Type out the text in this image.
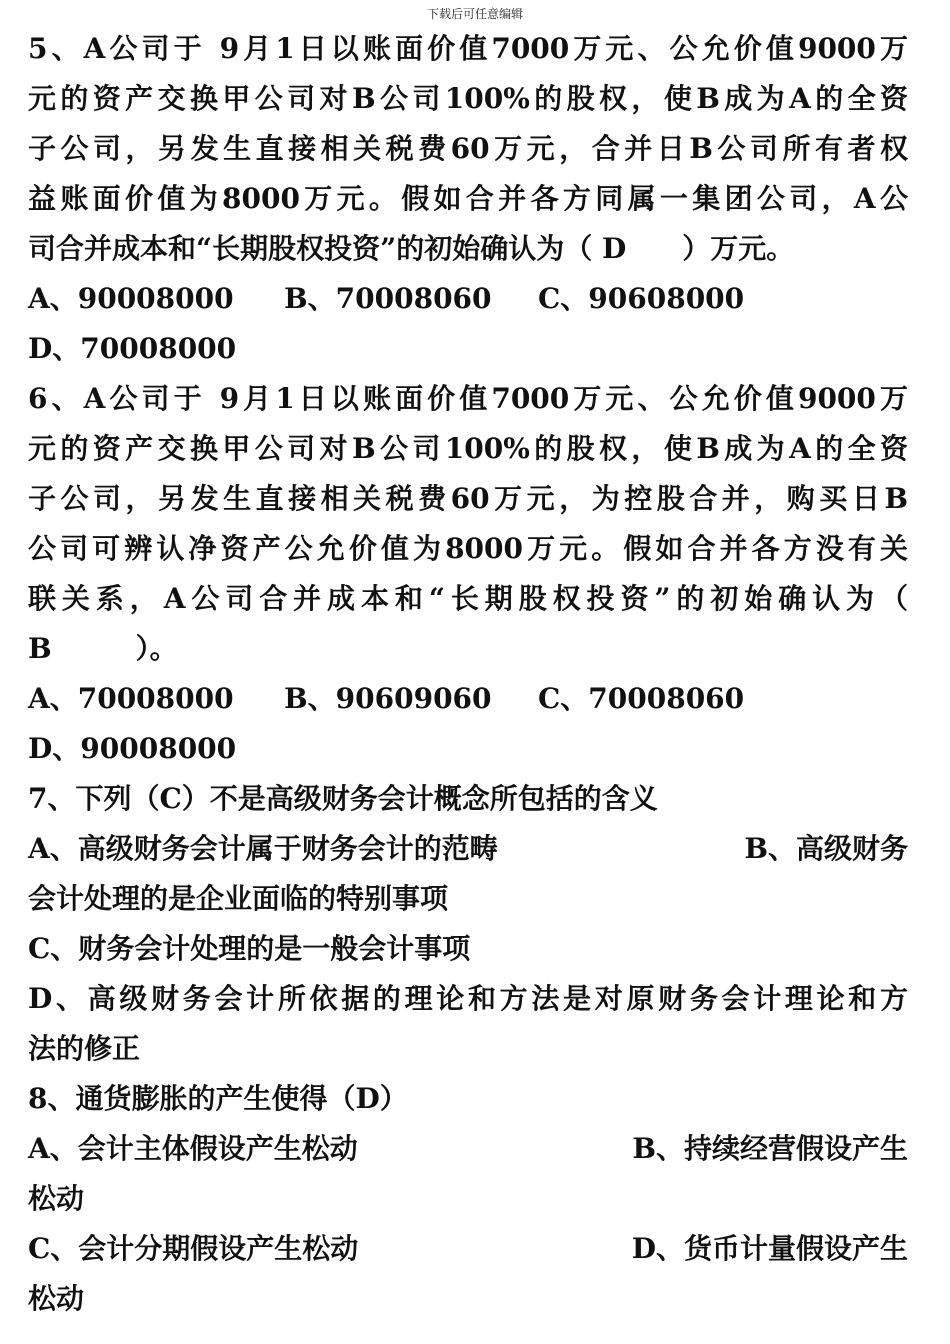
下载后可任意编辑
5、A公司于 9月1日以账面价值7000万元、公允价值9000万
元的资产交换甲公司对B公司100%的股权，使B成为A的全资
子公司，另发生直接相关税费60万元，合并日B公司所有者权
益账面价值为8000万元。假如合并各方同属一集团公司，A公
司合并成本和“长期股权投资”的初始确认为（ D　　）万元。
A、90008000 B、70008060 C、90608000
D、70008000
6、A公司于 9月1日以账面价值7000万元、公允价值9000万
元的资产交换甲公司对B公司100%的股权，使B成为A的全资
子公司，另发生直接相关税费60万元，为控股合并，购买日B
公司可辨认净资产公允价值为8000万元。假如合并各方没有关
联关系，A公司合并成本和“长期股权投资”的初始确认为（
B　　　）。
A、70008000 B、90609060 C、70008060
D、90008000
7、下列（C）不是高级财务会计概念所包括的含义
A、高级财务会计属于财务会计的范畴	B、高级财务
会计处理的是企业面临的特别事项
C、财务会计处理的是一般会计事项
D、高级财务会计所依据的理论和方法是对原财务会计理论和方
法的修正
8、通货膨胀的产生使得（D）
A、会计主体假设产生松动	B、持续经营假设产生
松动
C、会计分期假设产生松动	D、货币计量假设产生
松动
